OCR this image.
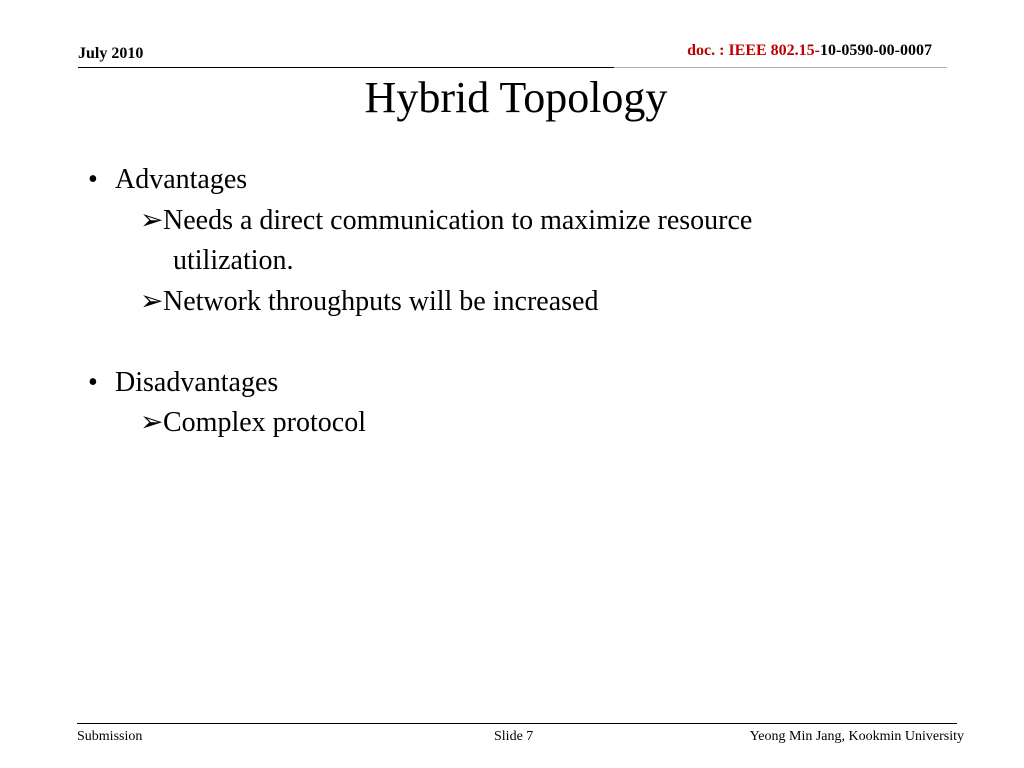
July 2010	doc. : IEEE 802.15-10-0590-00-0007
Hybrid Topology
• Advantages
➢ Needs a direct communication to maximize resource
utilization.
➢ Network throughputs will be increased
• Disadvantages
➢ Complex protocol
Submission	Slide 7	Yeong Min Jang, Kookmin University
